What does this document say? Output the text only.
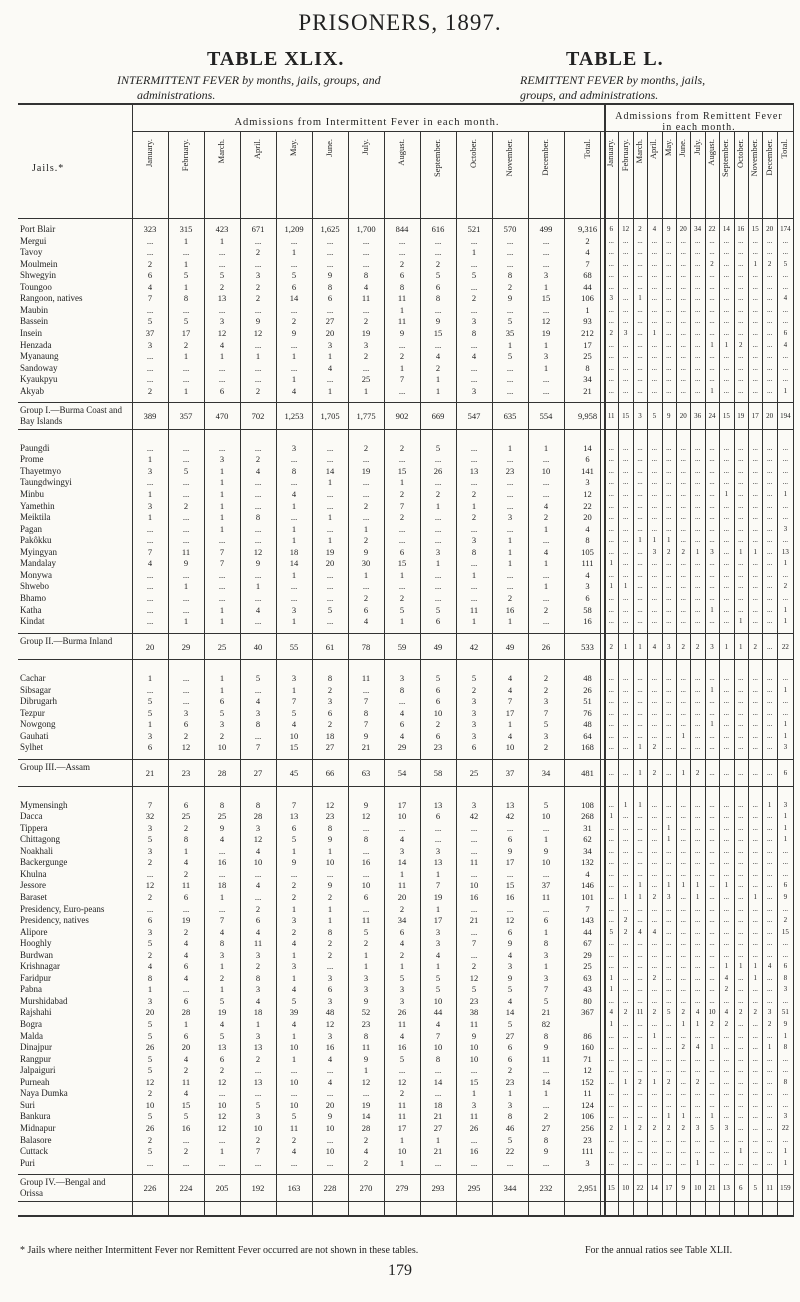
PRISONERS, 1897.
TABLE XLIX.	TABLE L.
INTERMITTENT FEVER by months, jails, groups, and
administrations.
REMITTENT FEVER by months, jails,
groups, and administrations.
Jails.*
Admissions from Intermittent Fever in each month.
Admissions from Remittent Fever
in each month.
January.	January.
February.	February.
March.	March.
April.	April.
May.	May.
June.	June.
July.	July.
August.	August.
September.	September.
October.	October.
November.	November.
December.	December.
Total.	Total.
Port Blair	323	315	423	671	1,209	1,625	1,700	844	616	521	570	499	9,316	6	12	2	4	9	20	34	22	14	16	15	20	174
Mergui	...	1	1	...	...	...	...	...	...	...	...	...	2	...	...	...	...	...	...	...	...	...	...	...	...	...
Tavoy	...	...	...	2	1	...	...	...	...	1	...	...	4	...	...	...	...	...	...	...	...	...	...	...	...	...
Moulmein	2	1	...	...	...	...	...	2	2	...	...	...	7	...	...	...	...	...	...	...	2	...	...	1	2	5
Shwegyin	6	5	5	3	5	9	8	6	5	5	8	3	68	...	...	...	...	...	...	...	...	...	...	...	...	...
Toungoo	4	1	2	2	6	8	4	8	6	...	2	1	44	...	...	...	...	...	...	...	...	...	...	...	...	...
Rangoon, natives	7	8	13	2	14	6	11	11	8	2	9	15	106	3	...	1	...	...	...	...	...	...	...	...	...	4
Maubin	...	...	...	...	...	...	...	1	...	...	...	...	1	...	...	...	...	...	...	...	...	...	...	...	...	...
Bassein	5	5	3	9	2	27	2	11	9	3	5	12	93	...	...	...	...	...	...	...	...	...	...	...	...	...
Insein	37	17	12	12	9	20	19	9	15	8	35	19	212	2	3	...	1	...	...	...	...	...	...	...	...	6
Henzada	3	2	4	...	...	3	3	...	...	...	1	1	17	...	...	...	...	...	...	...	1	1	2	...	...	4
Myanaung	...	1	1	1	1	1	2	2	4	4	5	3	25	...	...	...	...	...	...	...	...	...	...	...	...	...
Sandoway	...	...	...	...	...	4	...	1	2	...	...	1	8	...	...	...	...	...	...	...	...	...	...	...	...	...
Kyaukpyu	...	...	...	...	1	...	25	7	1	...	...	...	34	...	...	...	...	...	...	...	...	...	...	...	...	...
Akyab	2	1	6	2	4	1	1	...	1	3	...	...	21	...	...	...	...	...	...	...	1	...	...	...	...	1
Group I.—Burma Coast and Bay Islands	389	357	470	702	1,253	1,705	1,775	902	669	547	635	554	9,958	11	15	3	5	9	20	36	24	15	19	17	20	194
Paungdi	...	...	...	...	3	...	2	2	5	...	1	1	14	...	...	...	...	...	...	...	...	...	...	...	...	...
Prome	1	...	3	2	...	...	...	...	...	...	...	...	6	...	...	...	...	...	...	...	...	...	...	...	...	...
Thayetmyo	3	5	1	4	8	14	19	15	26	13	23	10	141	...	...	...	...	...	...	...	...	...	...	...	...	...
Taungdwingyi	...	...	1	...	...	1	...	1	...	...	...	...	3	...	...	...	...	...	...	...	...	...	...	...	...	...
Minbu	1	...	1	...	4	...	...	2	2	2	...	...	12	...	...	...	...	...	...	...	...	1	...	...	...	1
Yamethin	3	2	1	...	1	...	2	7	1	1	...	4	22	...	...	...	...	...	...	...	...	...	...	...	...	...
Meiktila	1	...	1	8	...	1	...	2	...	2	3	2	20	...	...	...	...	...	...	...	...	...	...	...	...	...
Pagan	...	...	1	...	1	...	1	...	...	...	...	1	4	...	...	...	...	...	...	...	...	...	...	...	...	3
Pakôkku	...	...	...	...	1	1	2	...	...	3	1	...	8	...	...	1	1	1	...	...	...	...	...	...	...	...
Myingyan	7	11	7	12	18	19	9	6	3	8	1	4	105	...	...	...	3	2	2	1	3	...	1	1	...	13
Mandalay	4	9	7	9	14	20	30	15	1	...	1	1	111	1	...	...	...	...	...	...	...	...	...	...	...	1
Monywa	...	...	...	...	1	...	1	1	...	1	...	...	4	...	...	...	...	...	...	...	...	...	...	...	...	...
Shwebo	...	1	...	1	...	...	...	...	...	...	...	1	3	1	1	...	...	...	...	...	...	...	...	...	...	2
Bhamo	...	...	...	...	...	...	2	2	...	...	2	...	6	...	...	...	...	...	...	...	...	...	...	...	...	...
Katha	...	...	1	4	3	5	6	5	5	11	16	2	58	...	...	...	...	...	...	...	1	...	...	...	...	1
Kindat	...	1	1	...	1	...	4	1	6	1	1	...	16	...	...	...	...	...	...	...	...	...	1	...	...	1
Group II.—Burma Inland
20	29	25	40	55	61	78	59	49	42	49	26	533	2	1	1	4	3	2	2	3	1	1	2	...	22
Cachar	1	...	1	5	3	8	11	3	5	5	4	2	48	...	...	...	...	...	...	...	...	...	...	...	...	...
Sibsagar	...	...	1	...	1	2	...	8	6	2	4	2	26	...	...	...	...	...	...	...	1	...	...	...	...	1
Dibrugarh	5	...	6	4	7	3	7	...	6	3	7	3	51	...	...	...	...	...	...	...	...	...	...	...	...	...
Tezpur	5	3	5	3	5	6	8	4	10	3	17	7	76	...	...	...	...	...	...	...	...	...	...	...	...	...
Nowgong	1	6	3	8	4	2	7	6	2	3	1	5	48	...	...	...	...	...	...	...	1	...	...	...	...	1
Gauhati	3	2	2	...	10	18	9	4	6	3	4	3	64	...	...	...	...	...	1	...	...	...	...	...	...	1
Sylhet	6	12	10	7	15	27	21	29	23	6	10	2	168	...	...	1	2	...	...	...	...	...	...	...	...	3
Group III.—Assam
21	23	28	27	45	66	63	54	58	25	37	34	481	...	...	1	2	...	1	2	...	...	...	...	...	6
Mymensingh	7	6	8	8	7	12	9	17	13	3	13	5	108	...	1	1	...	...	...	...	...	...	...	...	1	3
Dacca	32	25	25	28	13	23	12	10	6	42	42	10	268	1	...	...	...	...	...	...	...	...	...	...	...	1
Tippera	3	2	9	3	6	8	...	...	...	...	...	...	31	...	...	...	...	1	...	...	...	...	...	...	...	1
Chittagong	5	8	4	12	5	9	8	4	...	...	6	1	62	...	...	...	...	1	...	...	...	...	...	...	...	1
Noakhali	3	1	...	4	1	1	...	3	3	...	9	9	34	...	...	...	...	...	...	...	...	...	...	...	...	...
Backergunge	2	4	16	10	9	10	16	14	13	11	17	10	132	...	...	...	...	...	...	...	...	...	...	...	...	...
Khulna	...	2	...	...	...	...	...	1	1	...	...	...	4	...	...	...	...	...	...	...	...	...	...	...	...	...
Jessore	12	11	18	4	2	9	10	11	7	10	15	37	146	...	...	1	...	1	1	1	...	1	...	...	...	6
Baraset	2	6	1	...	2	2	6	20	19	16	16	11	101	...	1	1	2	3	...	1	...	...	...	1	...	9
Presidency, Euro-peans	...	...	...	2	1	1	...	2	1	...	...	...	7	...	...	...	...	...	...	...	...	...	...	...	...	...
Presidency, natives	6	19	7	6	3	1	11	34	17	21	12	6	143	...	2	...	...	...	...	...	...	...	...	...	...	2
Alipore	3	2	4	4	2	8	5	6	3	...	6	1	44	5	2	4	4	...	...	...	...	...	...	...	...	15
Hooghly	5	4	8	11	4	2	2	4	3	7	9	8	67	...	...	...	...	...	...	...	...	...	...	...	...	...
Burdwan	2	4	3	3	1	2	1	2	4	...	4	3	29	...	...	...	...	...	...	...	...	...	...	...	...	...
Krishnagar	4	6	1	2	3	...	1	1	1	2	3	1	25	...	...	...	...	...	...	...	...	1	1	1	4	6
Faridpur	8	4	2	8	1	3	3	5	5	12	9	3	63	1	...	...	2	...	...	...	...	4	...	1	...	8
Pabna	1	...	1	3	4	6	3	3	5	5	5	7	43	1	...	...	...	...	...	...	...	2	...	...	...	3
Murshidabad	3	6	5	4	5	3	9	3	10	23	4	5	80	...	...	...	...	...	...	...	...	...	...	...	...	...
Rajshahi	20	28	19	18	39	48	52	26	44	38	14	21	367	4	2	11	2	5	2	4	10	4	2	2	3	51
Bogra	5	1	4	1	4	12	23	11	4	11	5	82	1	...	...	...	...	1	1	2	2	...	...	2	9
Malda	5	6	5	3	1	3	8	4	7	9	27	8	86	...	...	...	1	...	...	...	...	...	...	...	...	1
Dinajpur	26	20	13	13	10	16	11	16	10	10	6	9	160	...	...	...	...	...	2	4	1	...	...	...	1	8
Rangpur	5	4	6	2	1	4	9	5	8	10	6	11	71	...	...	...	...	...	...	...	...	...	...	...	...	...
Jalpaiguri	5	2	2	...	...	...	1	...	...	...	2	...	12	...	...	...	...	...	...	...	...	...	...	...	...	...
Purneah	12	11	12	13	10	4	12	12	14	15	23	14	152	...	1	2	1	2	...	2	...	...	...	...	...	8
Naya Dumka	2	4	...	...	...	...	...	2	...	1	1	1	11	...	...	...	...	...	...	...	...	...	...	...	...	...
Suri	10	15	10	5	10	20	19	11	18	3	3	...	124	...	...	...	...	...	...	...	...	...	...	...	...	...
Bankura	5	5	12	3	5	9	14	11	21	11	8	2	106	...	...	...	...	1	1	...	1	...	...	...	...	3
Midnapur	26	16	12	10	11	10	28	17	27	26	46	27	256	2	1	2	2	2	2	3	5	3	...	...	...	22
Balasore	2	...	...	2	2	...	2	1	1	...	5	8	23	...	...	...	...	...	...	...	...	...	...	...	...	...
Cuttack	5	2	1	7	4	10	4	10	21	16	22	9	111	...	...	...	...	...	...	...	...	...	1	...	...	1
Puri	...	...	...	...	...	...	2	1	...	...	...	...	3	...	...	...	...	...	...	1	...	...	...	...	...	1
Group IV.—Bengal and Orissa	226	224	205	192	163	228	270	279	293	295	344	232	2,951	15	10	22	14	17	9	10	21	13	6	5	11	159
* Jails where neither Intermittent Fever nor Remittent Fever occurred are not shown in these tables.	For the annual ratios see Table XLII.
179
